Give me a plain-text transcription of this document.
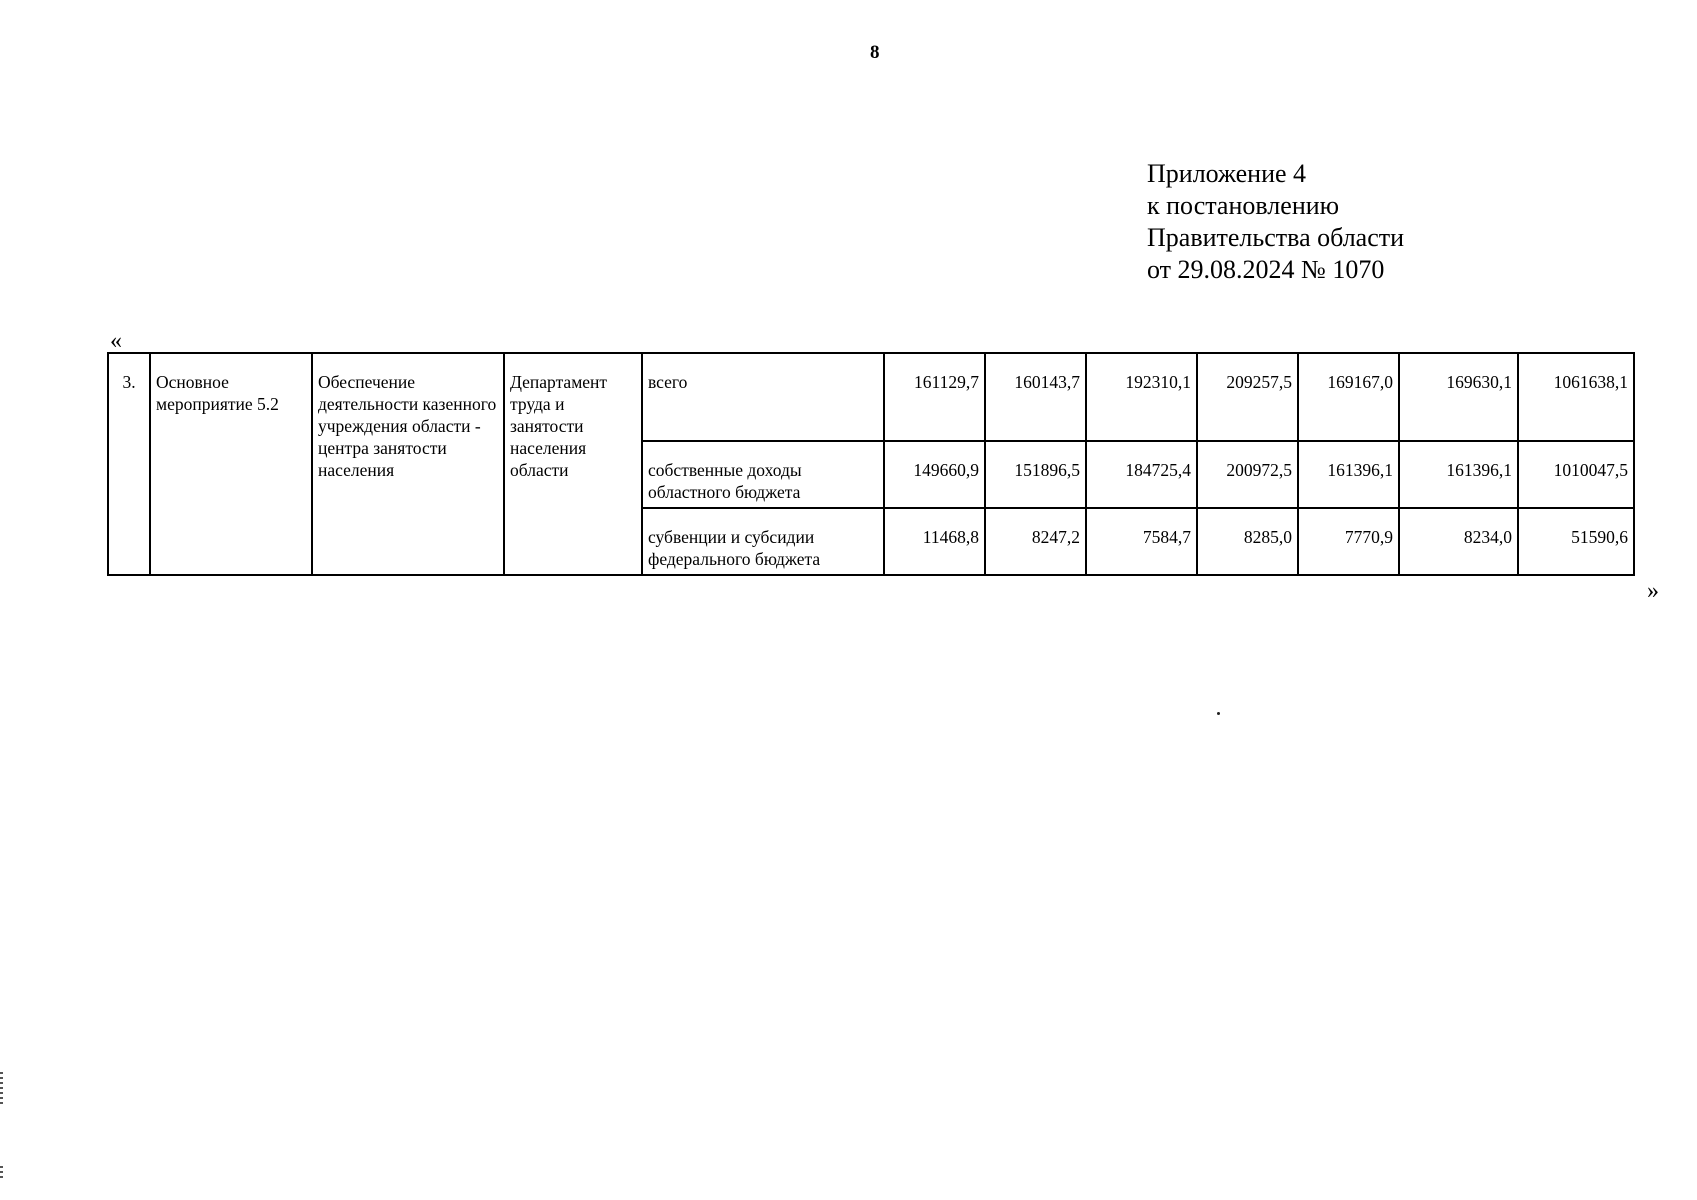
8
Приложение 4
к постановлению
Правительства области
от 29.08.2024 № 1070
«
3.	Основное мероприятие 5.2	Обеспечение деятельности казенного учреждения области - центра занятости населения	Департамент труда и занятости населения области	всего	161129,7	160143,7	192310,1	209257,5	169167,0	169630,1	1061638,1
				собственные доходы областного бюджета	149660,9	151896,5	184725,4	200972,5	161396,1	161396,1	1010047,5
				субвенции и субсидии федерального бюджета	11468,8	8247,2	7584,7	8285,0	7770,9	8234,0	51590,6
»
